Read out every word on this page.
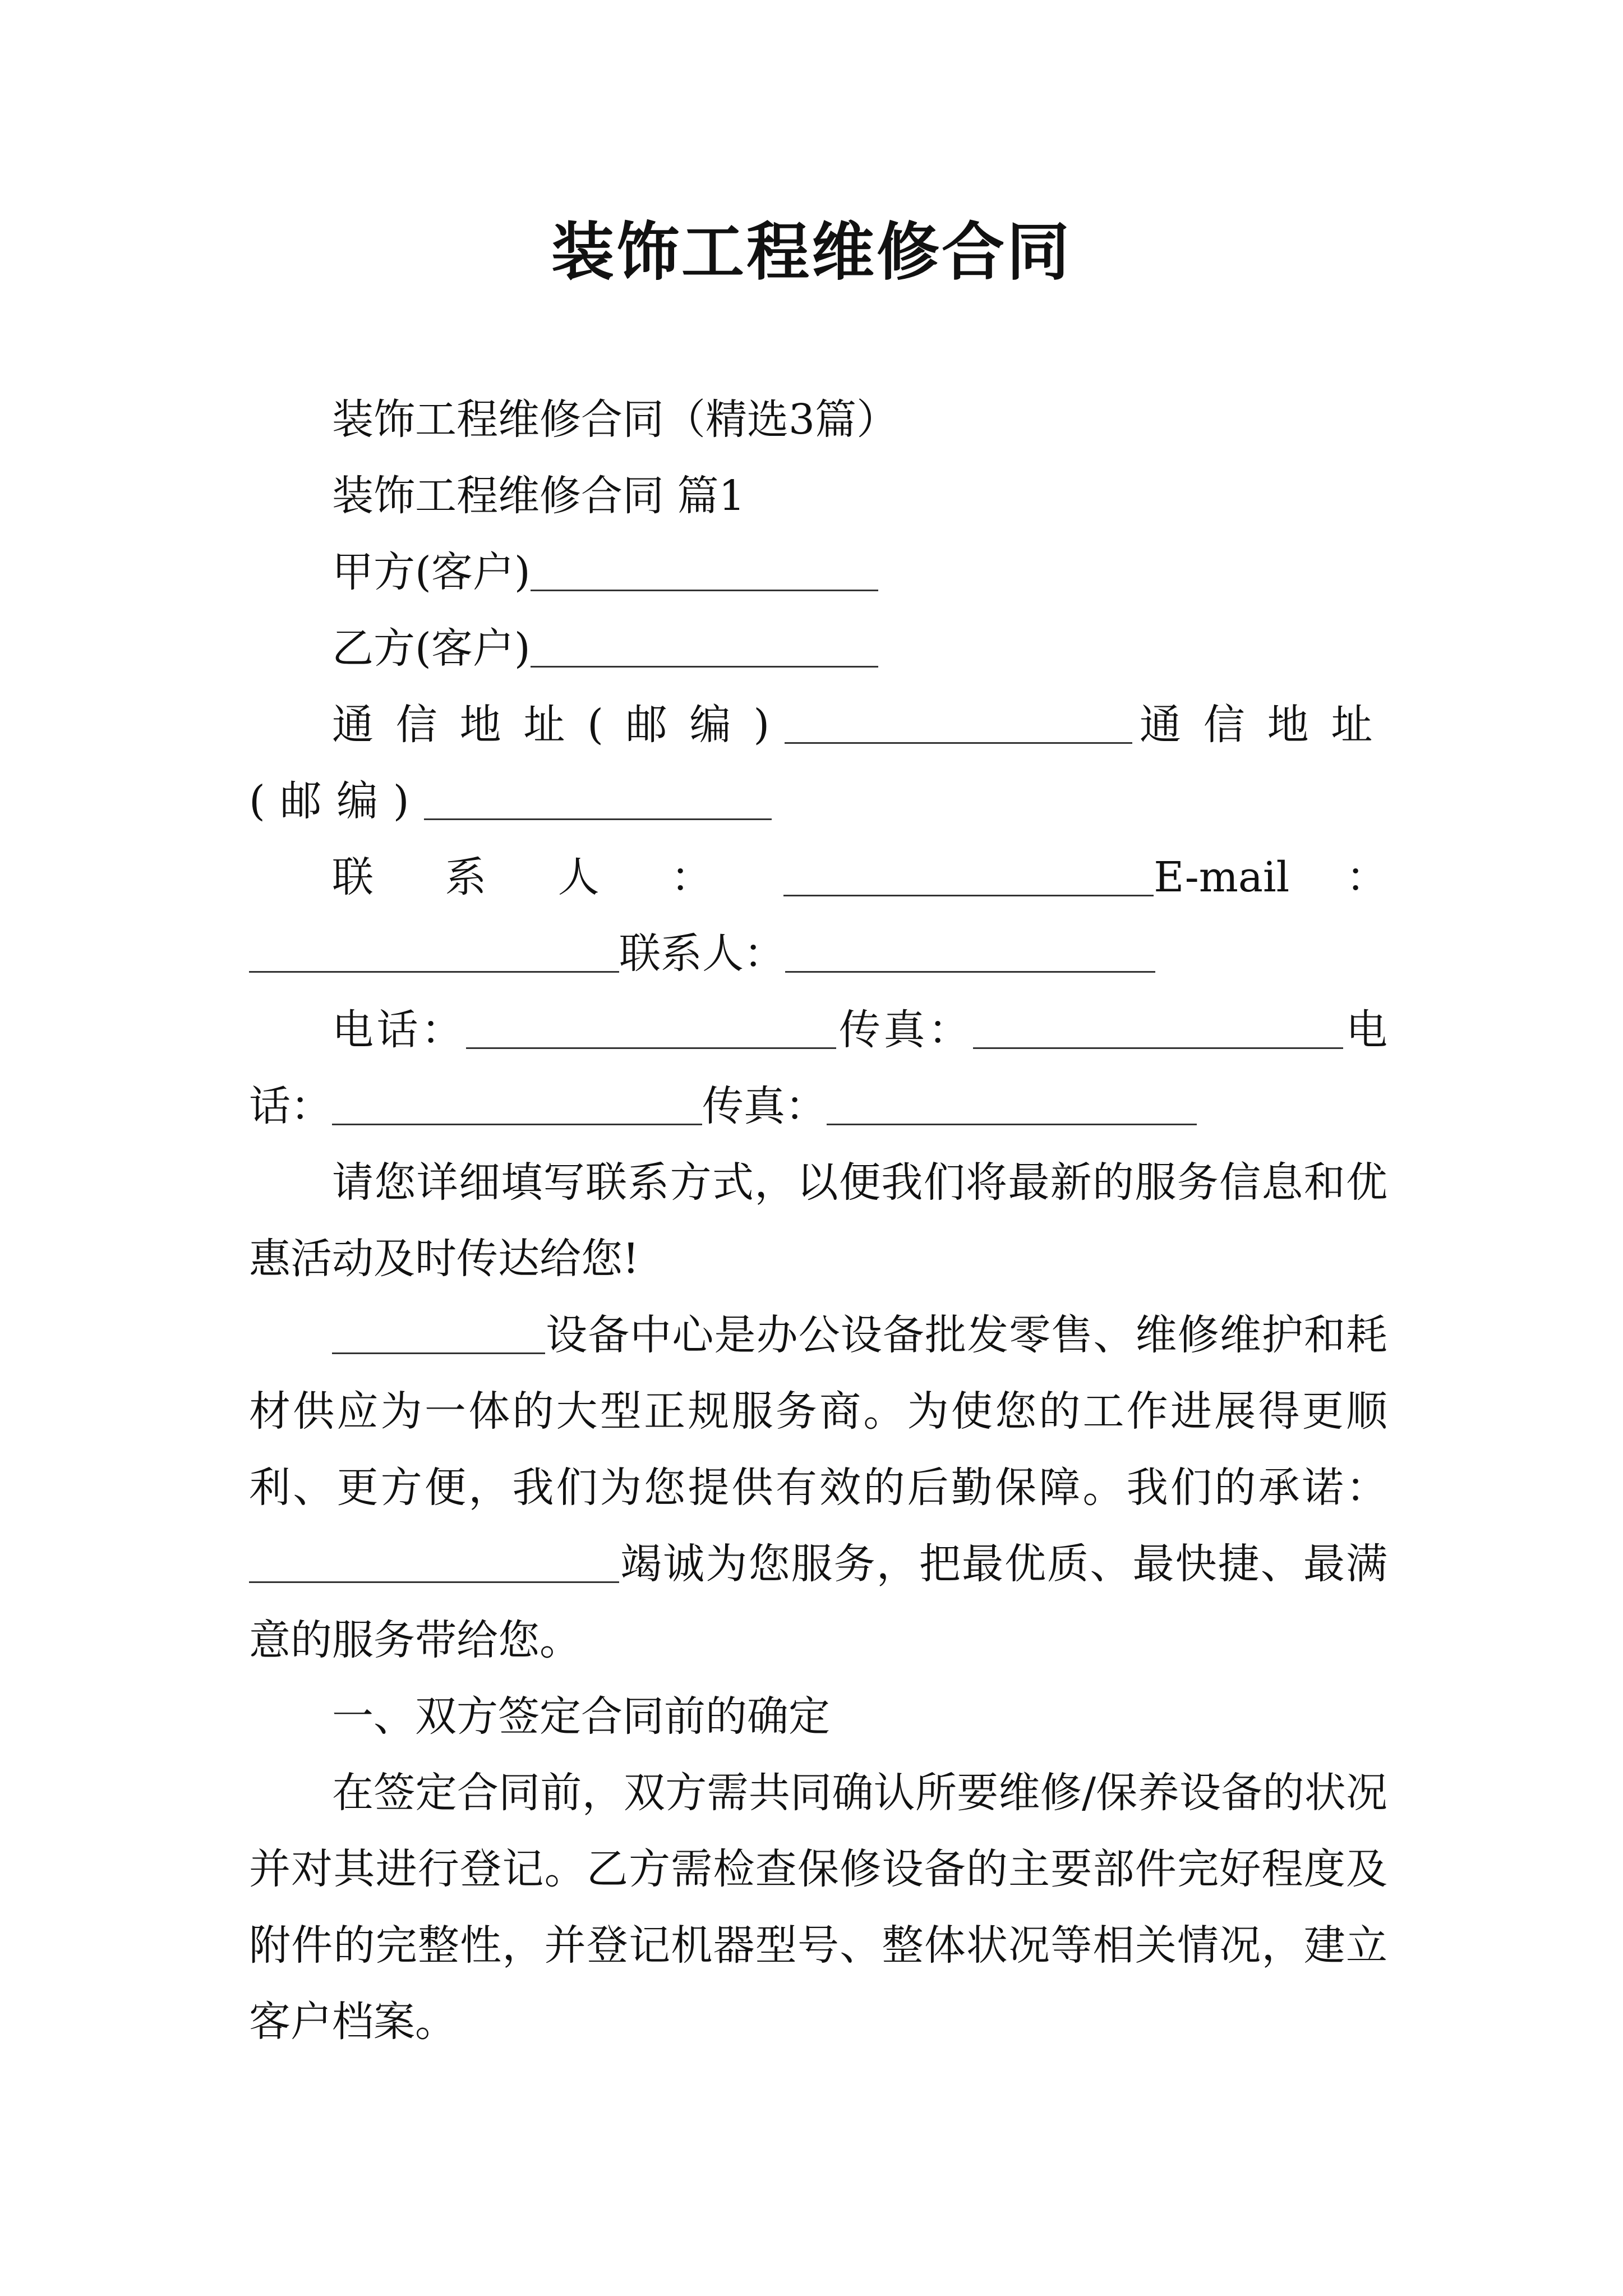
装饰工程维修合同

装饰工程维修合同（精选3篇）

装饰工程维修合同 篇1

甲方(客户)

乙方(客户)

通信地址(邮编)	通信地址(邮编)

联系人：	E-mail：联系人：

电话：	传真：	电话：	传真：

请您详细填写联系方式，以便我们将最新的服务信息和优惠活动及时传达给您!

设备中心是办公设备批发零售、维修维护和耗材供应为一体的大型正规服务商。为使您的工作进展得更顺利、更方便，我们为您提供有效的后勤保障。我们的承诺：竭诚为您服务，把最优质、最快捷、最满意的服务带给您。

一、双方签定合同前的确定

在签定合同前，双方需共同确认所要维修/保养设备的状况并对其进行登记。乙方需检查保修设备的主要部件完好程度及附件的完整性，并登记机器型号、整体状况等相关情况，建立客户档案。
